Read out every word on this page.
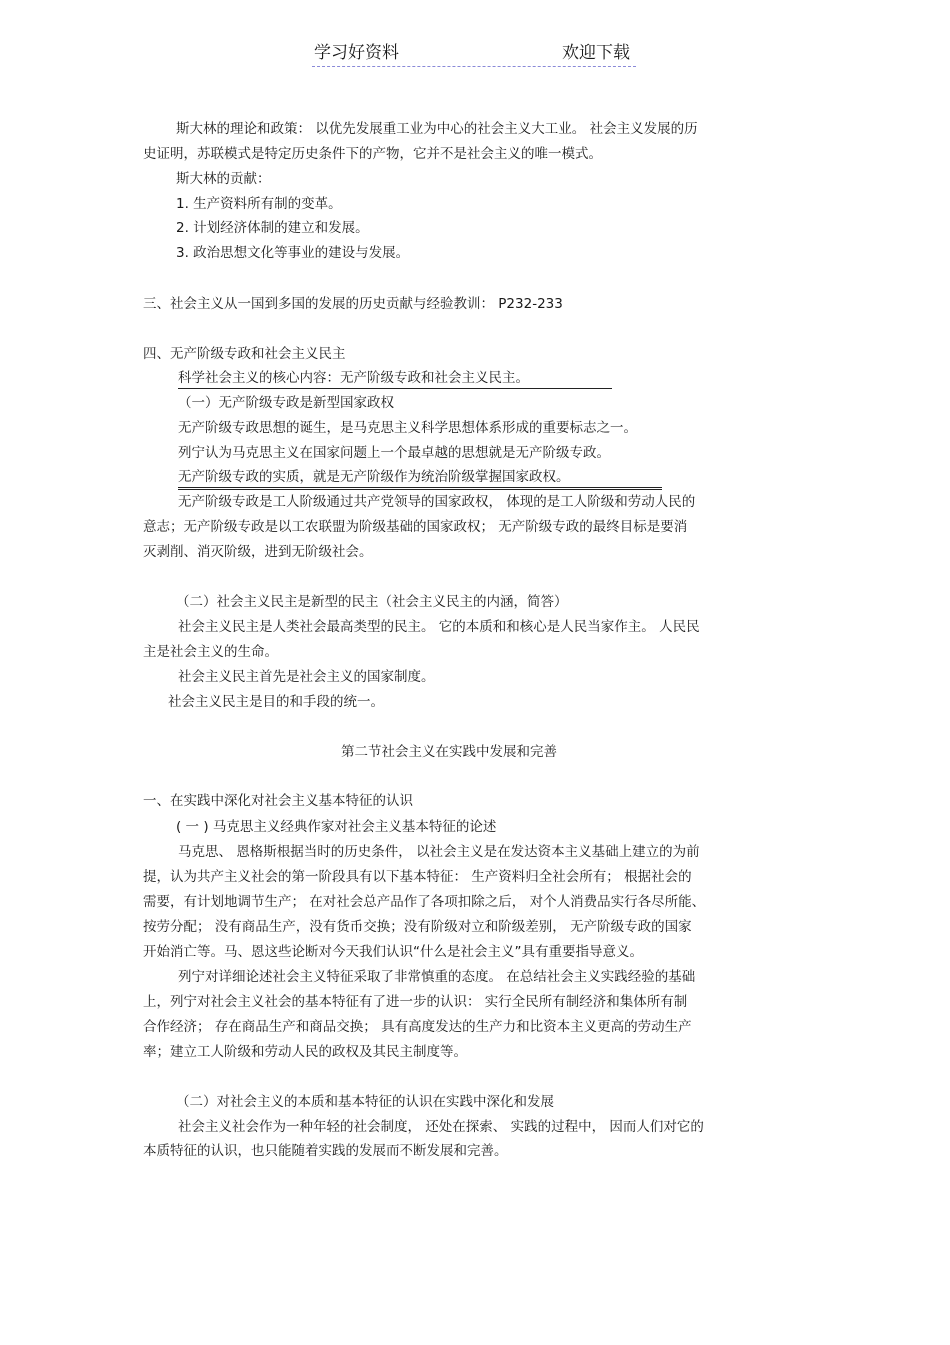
学习好资料	欢迎下载
斯大林的理论和政策： 以优先发展重工业为中心的社会主义大工业。 社会主义发展的历
史证明，苏联模式是特定历史条件下的产物，它并不是社会主义的唯一模式。
斯大林的贡献：
1. 生产资料所有制的变革。
2. 计划经济体制的建立和发展。
3. 政治思想文化等事业的建设与发展。
三、社会主义从一国到多国的发展的历史贡献与经验教训： P232-233
四、无产阶级专政和社会主义民主
科学社会主义的核心内容：无产阶级专政和社会主义民主。
（一）无产阶级专政是新型国家政权
无产阶级专政思想的诞生，是马克思主义科学思想体系形成的重要标志之一。
列宁认为马克思主义在国家问题上一个最卓越的思想就是无产阶级专政。
无产阶级专政的实质，就是无产阶级作为统治阶级掌握国家政权。
无产阶级专政是工人阶级通过共产党领导的国家政权， 体现的是工人阶级和劳动人民的
意志；无产阶级专政是以工农联盟为阶级基础的国家政权； 无产阶级专政的最终目标是要消
灭剥削、消灭阶级，进到无阶级社会。
（二）社会主义民主是新型的民主（社会主义民主的内涵，简答）
社会主义民主是人类社会最高类型的民主。 它的本质和和核心是人民当家作主。 人民民
主是社会主义的生命。
社会主义民主首先是社会主义的国家制度。
社会主义民主是目的和手段的统一。
第二节社会主义在实践中发展和完善
一、在实践中深化对社会主义基本特征的认识
( 一 ) 马克思主义经典作家对社会主义基本特征的论述
马克思、 恩格斯根据当时的历史条件， 以社会主义是在发达资本主义基础上建立的为前
提，认为共产主义社会的第一阶段具有以下基本特征： 生产资料归全社会所有； 根据社会的
需要，有计划地调节生产； 在对社会总产品作了各项扣除之后， 对个人消费品实行各尽所能、
按劳分配； 没有商品生产，没有货币交换；没有阶级对立和阶级差别， 无产阶级专政的国家
开始消亡等。马、恩这些论断对今天我们认识“什么是社会主义”具有重要指导意义。
列宁对详细论述社会主义特征采取了非常慎重的态度。 在总结社会主义实践经验的基础
上，列宁对社会主义社会的基本特征有了进一步的认识： 实行全民所有制经济和集体所有制
合作经济； 存在商品生产和商品交换； 具有高度发达的生产力和比资本主义更高的劳动生产
率；建立工人阶级和劳动人民的政权及其民主制度等。
（二）对社会主义的本质和基本特征的认识在实践中深化和发展
社会主义社会作为一种年轻的社会制度， 还处在探索、 实践的过程中， 因而人们对它的
本质特征的认识，也只能随着实践的发展而不断发展和完善。
